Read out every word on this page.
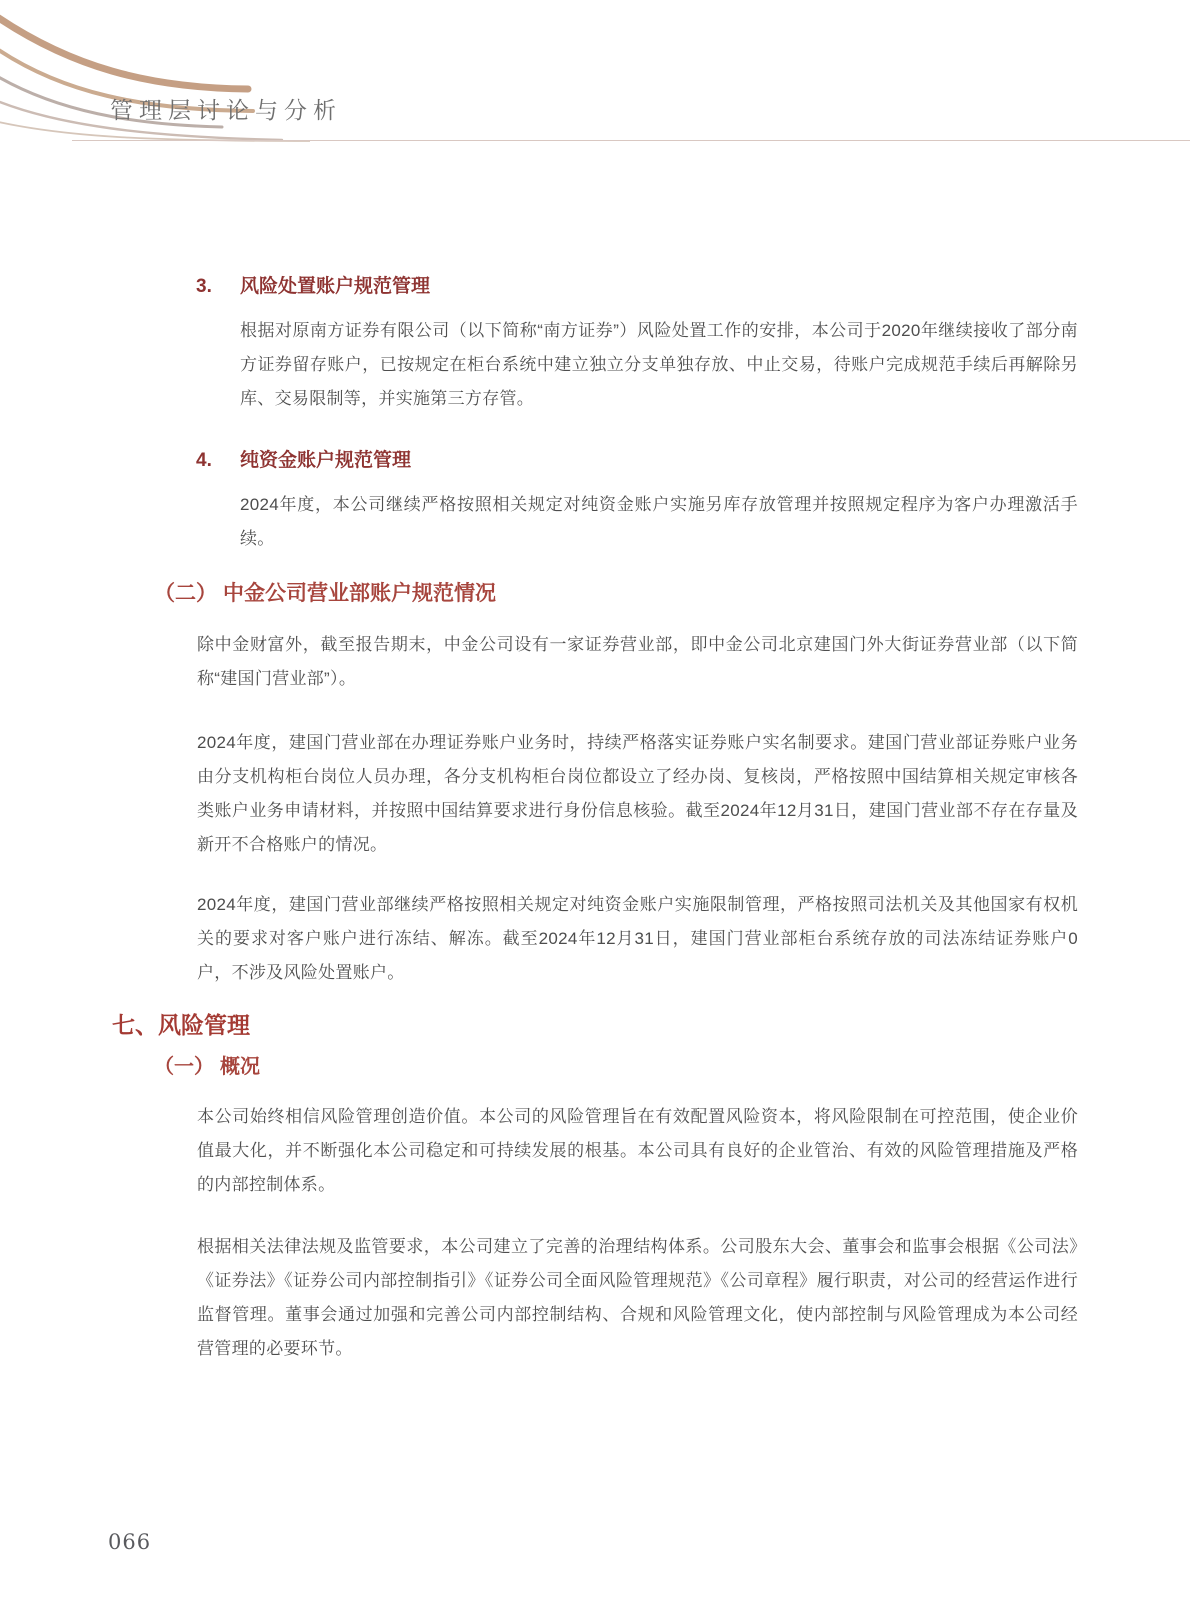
管理层讨论与分析
3. 风险处置账户规范管理
根据对原南方证券有限公司（以下简称“南方证券”）风险处置工作的安排，本公司于2020年继续接收了部分南方证券留存账户，已按规定在柜台系统中建立独立分支单独存放、中止交易，待账户完成规范手续后再解除另库、交易限制等，并实施第三方存管。
4. 纯资金账户规范管理
2024年度，本公司继续严格按照相关规定对纯资金账户实施另库存放管理并按照规定程序为客户办理激活手续。
（二） 中金公司营业部账户规范情况
除中金财富外，截至报告期末，中金公司设有一家证券营业部，即中金公司北京建国门外大街证券营业部（以下简称“建国门营业部”）。
2024年度，建国门营业部在办理证券账户业务时，持续严格落实证券账户实名制要求。建国门营业部证券账户业务由分支机构柜台岗位人员办理，各分支机构柜台岗位都设立了经办岗、复核岗，严格按照中国结算相关规定审核各类账户业务申请材料，并按照中国结算要求进行身份信息核验。截至2024年12月31日，建国门营业部不存在存量及新开不合格账户的情况。
2024年度，建国门营业部继续严格按照相关规定对纯资金账户实施限制管理，严格按照司法机关及其他国家有权机关的要求对客户账户进行冻结、解冻。截至2024年12月31日，建国门营业部柜台系统存放的司法冻结证券账户0户，不涉及风险处置账户。
七、风险管理
（一） 概况
本公司始终相信风险管理创造价值。本公司的风险管理旨在有效配置风险资本，将风险限制在可控范围，使企业价值最大化，并不断强化本公司稳定和可持续发展的根基。本公司具有良好的企业管治、有效的风险管理措施及严格的内部控制体系。
根据相关法律法规及监管要求，本公司建立了完善的治理结构体系。公司股东大会、董事会和监事会根据《公司法》《证券法》《证券公司内部控制指引》《证券公司全面风险管理规范》《公司章程》履行职责，对公司的经营运作进行监督管理。董事会通过加强和完善公司内部控制结构、合规和风险管理文化，使内部控制与风险管理成为本公司经营管理的必要环节。
066
